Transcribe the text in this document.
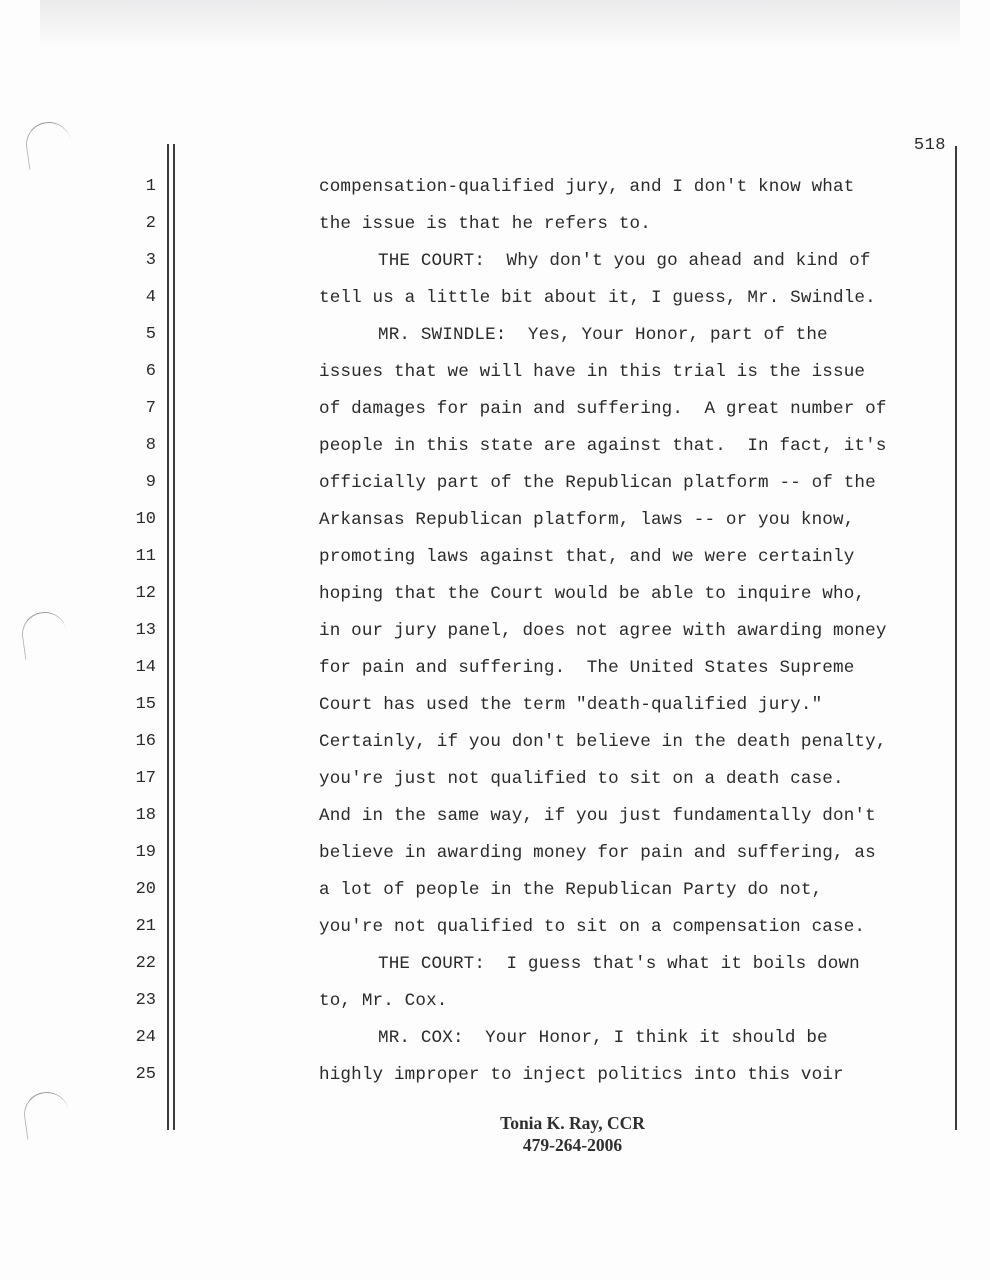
518
1	compensation-qualified jury, and I don't know what
2	the issue is that he refers to.
3	THE COURT:  Why don't you go ahead and kind of
4	tell us a little bit about it, I guess, Mr. Swindle.
5	MR. SWINDLE:  Yes, Your Honor, part of the
6	issues that we will have in this trial is the issue
7	of damages for pain and suffering.  A great number of
8	people in this state are against that.  In fact, it's
9	officially part of the Republican platform -- of the
10	Arkansas Republican platform, laws -- or you know,
11	promoting laws against that, and we were certainly
12	hoping that the Court would be able to inquire who,
13	in our jury panel, does not agree with awarding money
14	for pain and suffering.  The United States Supreme
15	Court has used the term "death-qualified jury."
16	Certainly, if you don't believe in the death penalty,
17	you're just not qualified to sit on a death case.
18	And in the same way, if you just fundamentally don't
19	believe in awarding money for pain and suffering, as
20	a lot of people in the Republican Party do not,
21	you're not qualified to sit on a compensation case.
22	THE COURT:  I guess that's what it boils down
23	to, Mr. Cox.
24	MR. COX:  Your Honor, I think it should be
25	highly improper to inject politics into this voir
Tonia K. Ray, CCR
479-264-2006
